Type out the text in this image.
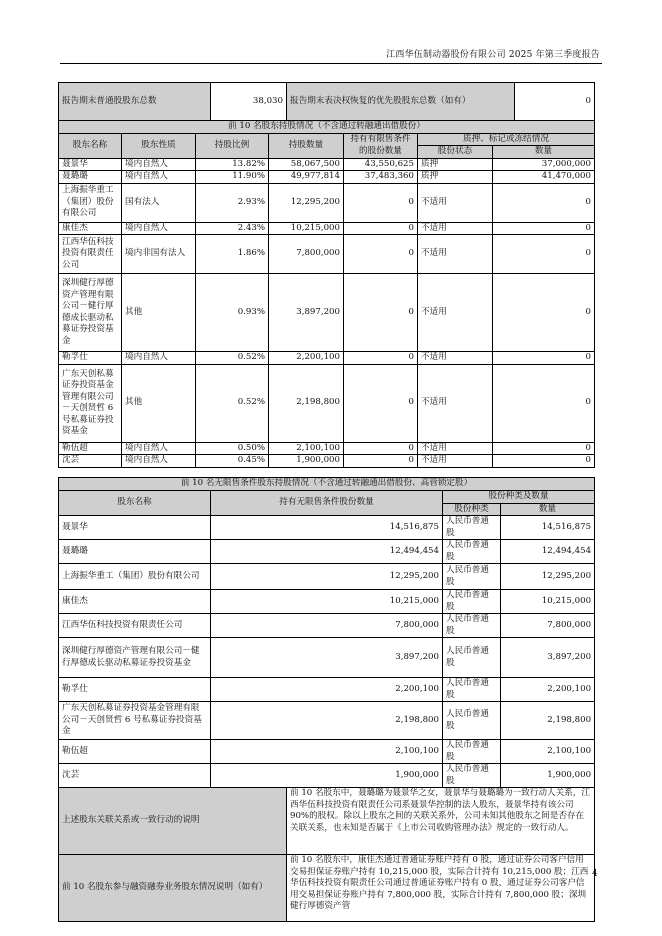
江西华伍制动器股份有限公司 2025 年第三季度报告
报告期末普通股股东总数	38,030	报告期末表决权恢复的优先股股东总数（如有）	0
前 10 名股东持股情况（不含通过转融通出借股份）						
股东名称	股东性质	持股比例	持股数量	持有有限售条件的股份数量	质押、标记或冻结情况	
					股份状态	数量
聂景华	境内自然人	13.82%	58,067,500	43,550,625	质押	37,000,000
聂璐璐	境内自然人	11.90%	49,977,814	37,483,360	质押	41,470,000
上海振华重工（集团）股份有限公司	国有法人	2.93%	12,295,200	0	不适用	0
康佳杰	境内自然人	2.43%	10,215,000	0	不适用	0
江西华伍科技投资有限责任公司	境内非国有法人	1.86%	7,800,000	0	不适用	0
深圳健行厚德资产管理有限公司－健行厚德成长驱动私募证券投资基金	其他	0.93%	3,897,200	0	不适用	0
勒孚仕	境内自然人	0.52%	2,200,100	0	不适用	0
广东天创私募证券投资基金管理有限公司－天创贤哲 6 号私募证券投资基金	其他	0.52%	2,198,800	0	不适用	0
勒伍超	境内自然人	0.50%	2,100,100	0	不适用	0
沈芸	境内自然人	0.45%	1,900,000	0	不适用	0
前 10 名无限售条件股东持股情况（不含通过转融通出借股份、高管锁定股）				
股东名称	持有无限售条件股份数量		股份种类及数量	
			股份种类	数量
聂景华	14,516,875		人民币普通股	14,516,875
聂璐璐	12,494,454		人民币普通股	12,494,454
上海振华重工（集团）股份有限公司	12,295,200		人民币普通股	12,295,200
康佳杰	10,215,000		人民币普通股	10,215,000
江西华伍科技投资有限责任公司	7,800,000		人民币普通股	7,800,000
深圳健行厚德资产管理有限公司－健行厚德成长驱动私募证券投资基金	3,897,200		人民币普通股	3,897,200
勒孚仕	2,200,100		人民币普通股	2,200,100
广东天创私募证券投资基金管理有限公司－天创贤哲 6 号私募证券投资基金	2,198,800		人民币普通股	2,198,800
勒伍超	2,100,100		人民币普通股	2,100,100
沈芸	1,900,000		人民币普通股	1,900,000
上述股东关联关系或一致行动的说明		前 10 名股东中，聂璐璐为聂景华之女，聂景华与聂璐璐为一致行动人关系，江西华伍科技投资有限责任公司系聂景华控制的法人股东，聂景华持有该公司 90%的股权。除以上股东之间的关联关系外，公司未知其他股东之间是否存在关联关系，也未知是否属于《上市公司收购管理办法》规定的一致行动人。		
前 10 名股东参与融资融券业务股东情况说明（如有）		前 10 名股东中，康佳杰通过普通证券账户持有 0 股，通过证券公司客户信用交易担保证券账户持有 10,215,000 股，实际合计持有 10,215,000 股；江西华伍科技投资有限责任公司通过普通证券账户持有 0 股，通过证券公司客户信用交易担保证券账户持有 7,800,000 股，实际合计持有 7,800,000 股；深圳健行厚德资产管		
4
